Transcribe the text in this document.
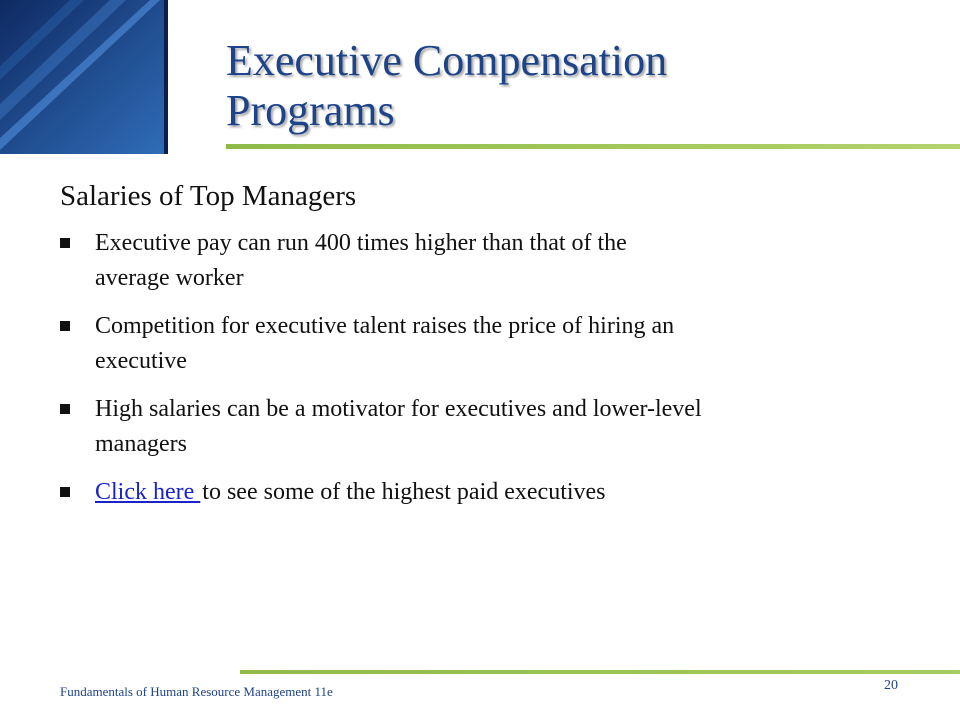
Executive Compensation
Programs
Salaries of Top Managers
Executive pay can run 400 times higher than that of the
average worker
Competition for executive talent raises the price of hiring an
executive
High salaries can be a motivator for executives and lower-level
managers
Click here to see some of the highest paid executives
Fundamentals of Human Resource Management 11e	20
